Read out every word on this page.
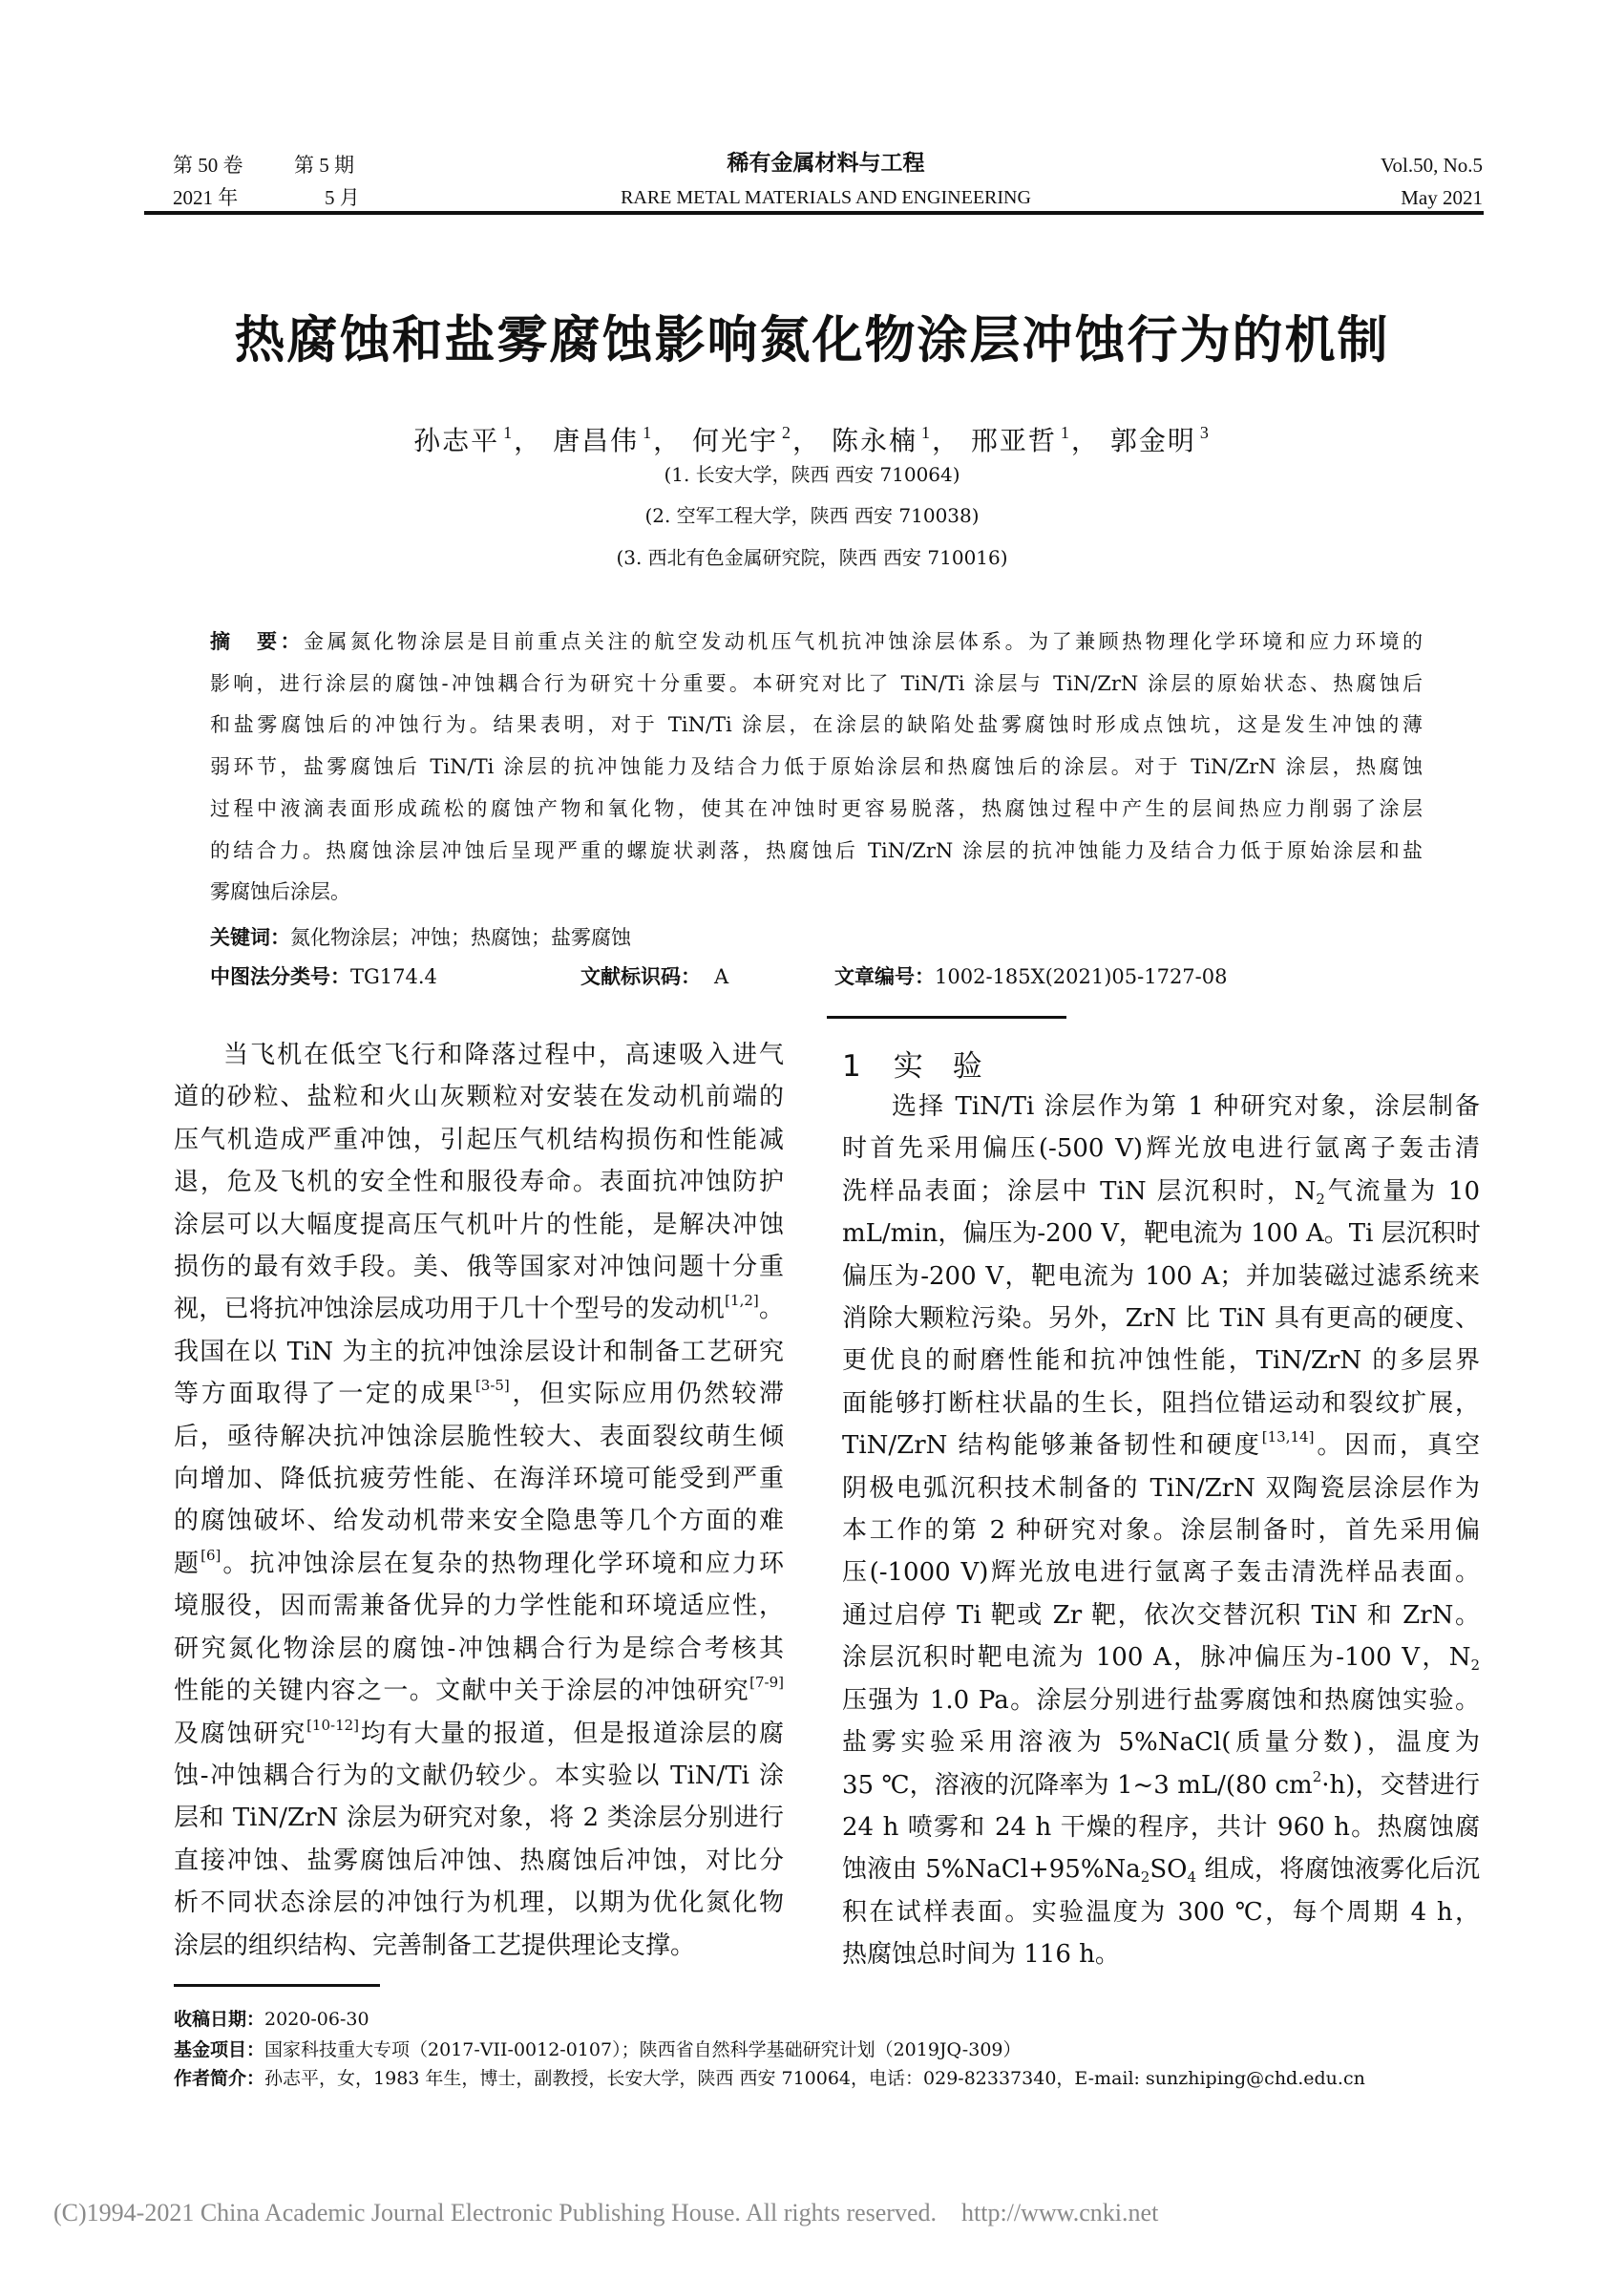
第 50 卷	第 5 期
2021 年	5 月
稀有金属材料与工程
RARE METAL MATERIALS AND ENGINEERING
Vol.50, No.5
May 2021
热腐蚀和盐雾腐蚀影响氮化物涂层冲蚀行为的机制
孙志平 $^1$， 唐昌伟 $^1$， 何光宇 $^2$， 陈永楠 $^1$， 邢亚哲 $^1$， 郭金明 $^3$
(1. 长安大学，陕西 西安 710064)
(2. 空军工程大学，陕西 西安 710038)
(3. 西北有色金属研究院，陕西 西安 710016)
摘　要：金属氮化物涂层是目前重点关注的航空发动机压气机抗冲蚀涂层体系。为了兼顾热物理化学环境和应力环境的
影响，进行涂层的腐蚀-冲蚀耦合行为研究十分重要。本研究对比了 TiN/Ti 涂层与 TiN/ZrN 涂层的原始状态、热腐蚀后
和盐雾腐蚀后的冲蚀行为。结果表明，对于 TiN/Ti 涂层，在涂层的缺陷处盐雾腐蚀时形成点蚀坑，这是发生冲蚀的薄
弱环节，盐雾腐蚀后 TiN/Ti 涂层的抗冲蚀能力及结合力低于原始涂层和热腐蚀后的涂层。对于 TiN/ZrN 涂层，热腐蚀
过程中液滴表面形成疏松的腐蚀产物和氧化物，使其在冲蚀时更容易脱落，热腐蚀过程中产生的层间热应力削弱了涂层
的结合力。热腐蚀涂层冲蚀后呈现严重的螺旋状剥落，热腐蚀后 TiN/ZrN 涂层的抗冲蚀能力及结合力低于原始涂层和盐
雾腐蚀后涂层。
关键词：氮化物涂层；冲蚀；热腐蚀；盐雾腐蚀
中图法分类号：TG174.4	文献标识码： A	文章编号：1002-185X(2021)05-1727-08
当飞机在低空飞行和降落过程中，高速吸入进气
道的砂粒、盐粒和火山灰颗粒对安装在发动机前端的
压气机造成严重冲蚀，引起压气机结构损伤和性能减
退，危及飞机的安全性和服役寿命。表面抗冲蚀防护
涂层可以大幅度提高压气机叶片的性能，是解决冲蚀
损伤的最有效手段。美、俄等国家对冲蚀问题十分重
视，已将抗冲蚀涂层成功用于几十个型号的发动机[1,2]。
我国在以 TiN 为主的抗冲蚀涂层设计和制备工艺研究
等方面取得了一定的成果[3-5]，但实际应用仍然较滞
后，亟待解决抗冲蚀涂层脆性较大、表面裂纹萌生倾
向增加、降低抗疲劳性能、在海洋环境可能受到严重
的腐蚀破坏、给发动机带来安全隐患等几个方面的难
题[6]。抗冲蚀涂层在复杂的热物理化学环境和应力环
境服役，因而需兼备优异的力学性能和环境适应性，
研究氮化物涂层的腐蚀-冲蚀耦合行为是综合考核其
性能的关键内容之一。文献中关于涂层的冲蚀研究[7-9]
及腐蚀研究[10-12]均有大量的报道，但是报道涂层的腐
蚀-冲蚀耦合行为的文献仍较少。本实验以 TiN/Ti 涂
层和 TiN/ZrN 涂层为研究对象，将 2 类涂层分别进行
直接冲蚀、盐雾腐蚀后冲蚀、热腐蚀后冲蚀，对比分
析不同状态涂层的冲蚀行为机理，以期为优化氮化物
涂层的组织结构、完善制备工艺提供理论支撑。
1 实　验
选择 TiN/Ti 涂层作为第 1 种研究对象，涂层制备
时首先采用偏压(-500 V)辉光放电进行氩离子轰击清
洗样品表面；涂层中 TiN 层沉积时，$N_2$气流量为 10
mL/min，偏压为-200 V，靶电流为 100 A。Ti 层沉积时
偏压为-200 V，靶电流为 100 A；并加装磁过滤系统来
消除大颗粒污染。另外，ZrN 比 TiN 具有更高的硬度、
更优良的耐磨性能和抗冲蚀性能，TiN/ZrN 的多层界
面能够打断柱状晶的生长，阻挡位错运动和裂纹扩展，
TiN/ZrN 结构能够兼备韧性和硬度[13,14]。因而，真空
阴极电弧沉积技术制备的 TiN/ZrN 双陶瓷层涂层作为
本工作的第 2 种研究对象。涂层制备时，首先采用偏
压(-1000 V)辉光放电进行氩离子轰击清洗样品表面。
通过启停 Ti 靶或 Zr 靶，依次交替沉积 TiN 和 ZrN。
涂层沉积时靶电流为 100 A，脉冲偏压为-100 V，$N_2$
压强为 1.0 Pa。涂层分别进行盐雾腐蚀和热腐蚀实验。
盐雾实验采用溶液为 5%NaCl(质量分数)，温度为
35 ℃，溶液的沉降率为 1~3 mL/(80 $cm^2\cdot h$)，交替进行
24 h 喷雾和 24 h 干燥的程序，共计 960 h。热腐蚀腐
蚀液由 $5\%NaCl+95\%Na_2SO_4$ 组成，将腐蚀液雾化后沉
积在试样表面。实验温度为 300 ℃，每个周期 4 h，
热腐蚀总时间为 116 h。
收稿日期：2020-06-30
基金项目：国家科技重大专项（2017-VII-0012-0107）；陕西省自然科学基础研究计划（2019JQ-309）
作者简介：孙志平，女，1983 年生，博士，副教授，长安大学，陕西 西安 710064，电话：029-82337340，E-mail: sunzhiping@chd.edu.cn
(C)1994-2021 China Academic Journal Electronic Publishing House. All rights reserved. http://www.cnki.net
